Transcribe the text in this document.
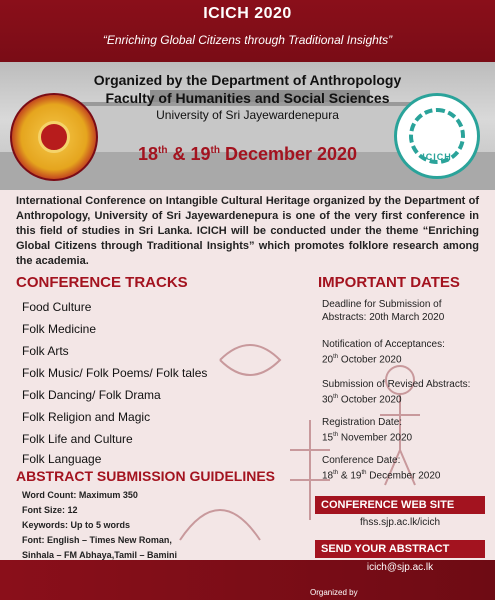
ICICH 2020
“Enriching Global Citizens through Traditional Insights”
Organized by the Department of Anthropology
Faculty of Humanities and Social Sciences
University of Sri Jayewardenepura
18th & 19th December 2020	ICICH
International Conference on Intangible Cultural Heritage organized by the Department of Anthropology, University of Sri Jayewardenepura is one of the very first conference in this field of studies in Sri Lanka. ICICH will be conducted under the theme “Enriching Global Citizens through Traditional Insights” which promotes folklore research among the academia.
CONFERENCE TRACKS
Food Culture
Folk Medicine
Folk Arts
Folk Music/ Folk Poems/ Folk tales
Folk Dancing/ Folk Drama
Folk Religion and Magic
Folk Life and Culture
Folk Language
ABSTRACT SUBMISSION GUIDELINES
Word Count: Maximum 350
Font Size: 12
Keywords: Up to 5 words
Font: English – Times New Roman,
Sinhala – FM Abhaya,Tamil – Bamini
IMPORTANT DATES
Deadline for Submission of
Abstracts: 20th March 2020
Notification of Acceptances:
20th October 2020
Submission of Revised Abstracts:
30th October 2020
Registration Date:
15th November 2020
Conference Date:
18th & 19th December 2020
CONFERENCE WEB SITE
fhss.sjp.ac.lk/icich
SEND YOUR ABSTRACT
icich@sjp.ac.lk
Organized by
